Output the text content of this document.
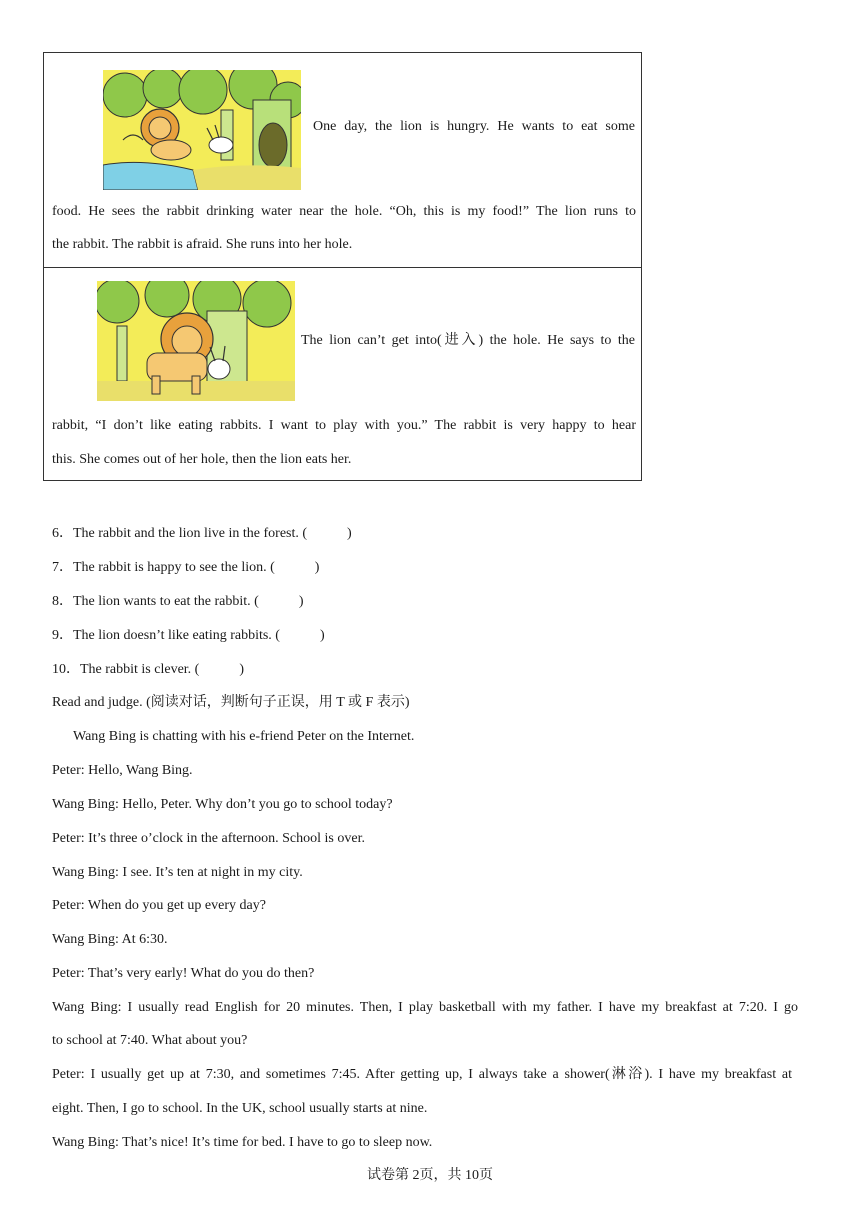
One day, the lion is hungry. He wants to eat some
food. He sees the rabbit drinking water near the hole. “Oh, this is my food!” The lion runs to
the rabbit. The rabbit is afraid. She runs into her hole.
The lion can’t get into(进入) the hole. He says to the
rabbit, “I don’t like eating rabbits. I want to play with you.” The rabbit is very happy to hear
this. She comes out of her hole, then the lion eats her.
6．The rabbit and the lion live in the forest. (	)
7．The rabbit is happy to see the lion. (	)
8．The lion wants to eat the rabbit. (	)
9．The lion doesn’t like eating rabbits. (	)
10．The rabbit is clever. (	)
Read and judge. (阅读对话，判断句子正误，用 T 或 F 表示)
Wang Bing is chatting with his e-friend Peter on the Internet.
Peter: Hello, Wang Bing.
Wang Bing: Hello, Peter. Why don’t you go to school today?
Peter: It’s three o’clock in the afternoon. School is over.
Wang Bing: I see. It’s ten at night in my city.
Peter: When do you get up every day?
Wang Bing: At 6:30.
Peter: That’s very early! What do you do then?
Wang Bing: I usually read English for 20 minutes. Then, I play basketball with my father. I have my breakfast at 7:20. I go
to school at 7:40. What about you?
Peter: I usually get up at 7:30, and sometimes 7:45. After getting up, I always take a shower(淋浴). I have my breakfast at
eight. Then, I go to school. In the UK, school usually starts at nine.
Wang Bing: That’s nice! It’s time for bed. I have to go to sleep now.
试卷第 2页，共 10页
